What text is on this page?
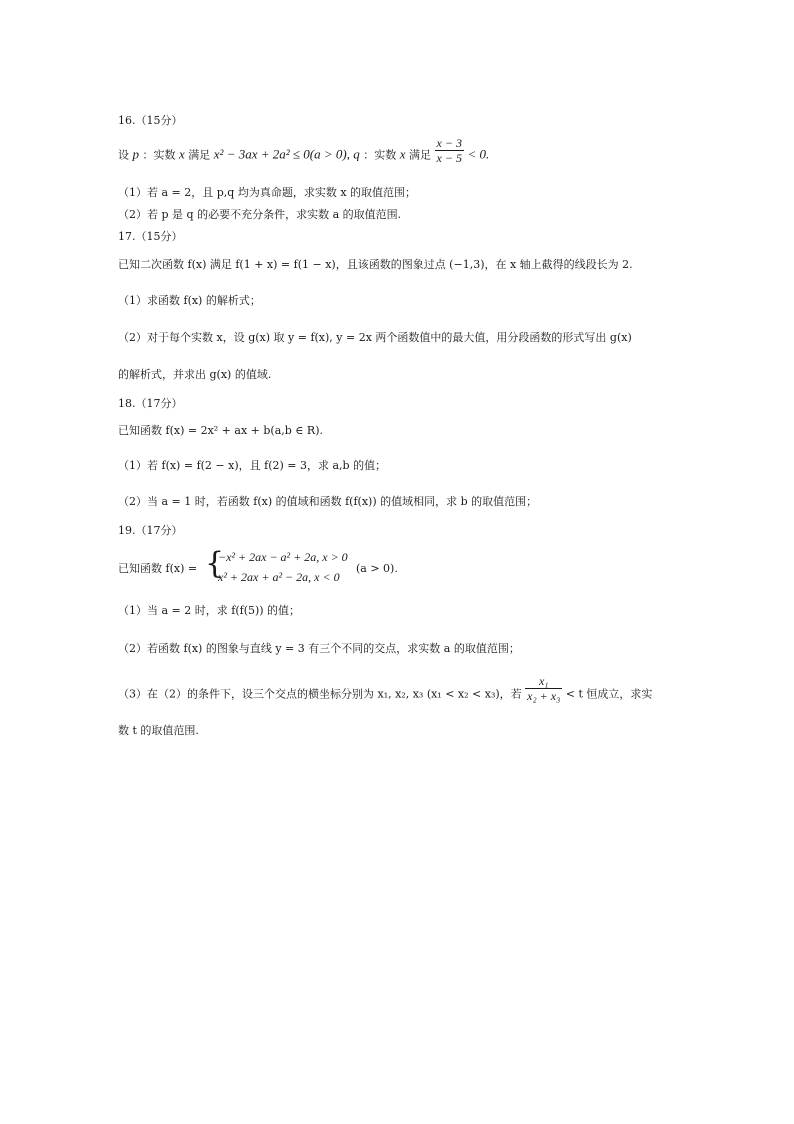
16.（15分）
设 p ：实数 x 满足 x² − 3ax + 2a² ≤ 0(a > 0), q ：实数 x 满足 $\frac{x - 3}{x - 5} < 0$.
（1）若 a = 2，且 p,q 均为真命题，求实数 x 的取值范围；
（2）若 p 是 q 的必要不充分条件，求实数 a 的取值范围.
17.（15分）
已知二次函数 f(x) 满足 f(1 + x) = f(1 − x)，且该函数的图象过点 (−1,3)，在 x 轴上截得的线段长为 2.
（1）求函数 f(x) 的解析式；
（2）对于每个实数 x，设 g(x) 取 y = f(x), y = 2x 两个函数值中的最大值，用分段函数的形式写出 g(x)
的解析式，并求出 g(x) 的值域.
18.（17分）
已知函数 f(x) = 2x² + ax + b(a,b ∈ R).
（1）若 f(x) = f(2 − x)，且 f(2) = 3，求 a,b 的值；
（2）当 a = 1 时，若函数 f(x) 的值域和函数 f(f(x)) 的值域相同，求 b 的取值范围；
19.（17分）
已知函数 f(x) = {
−x² + 2ax − a² + 2a, x > 0
x² + 2ax + a² − 2a, x < 0
(a > 0).
（1）当 a = 2 时，求 f(f(5)) 的值；
（2）若函数 f(x) 的图象与直线 y = 3 有三个不同的交点，求实数 a 的取值范围；
（3）在（2）的条件下，设三个交点的横坐标分别为 x₁, x₂, x₃ (x₁ < x₂ < x₃)，若 $\frac{\text{x₁}}{\text{x₂ + x₃}} < t$ 恒成立，求实
数 t 的取值范围.
